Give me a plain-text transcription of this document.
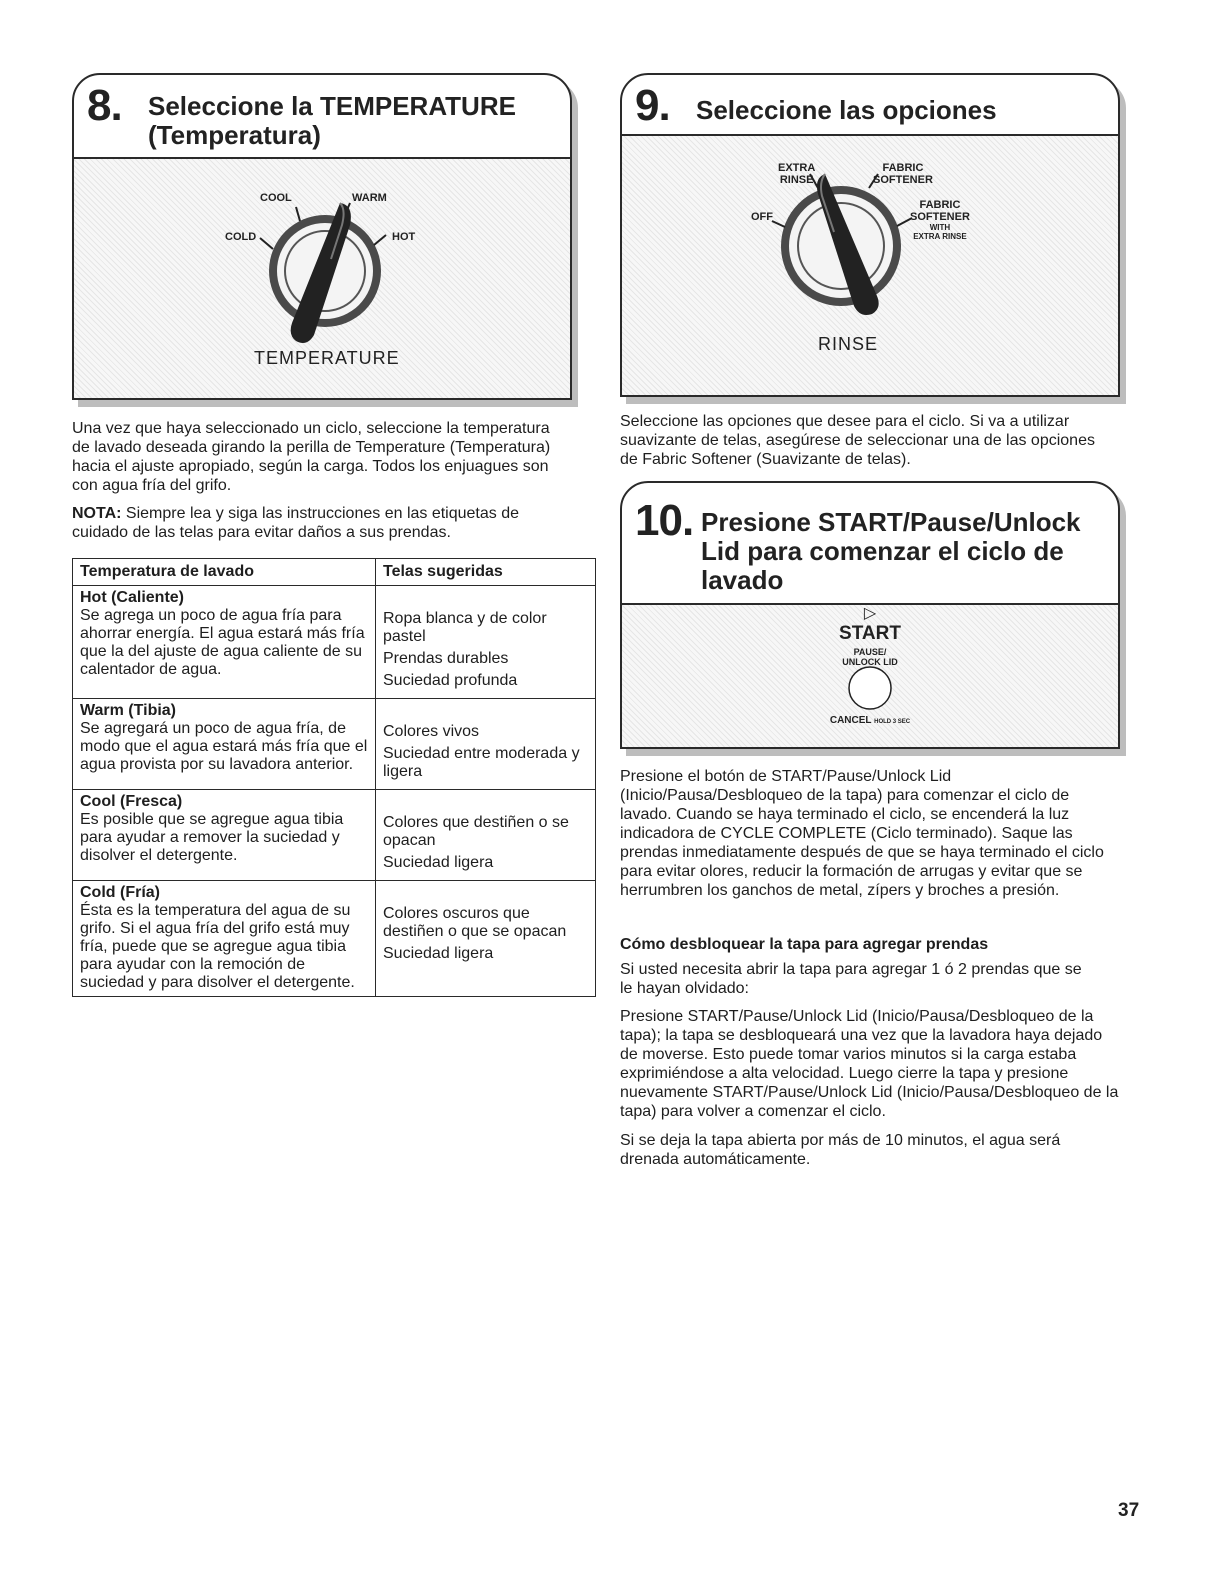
8. Seleccione la TEMPERATURE
(Temperatura)
COOL	WARM
COLD	HOT
TEMPERATURE
Una vez que haya seleccionado un ciclo, seleccione la temperatura de lavado deseada girando la perilla de Temperature (Temperatura) hacia el ajuste apropiado, según la carga. Todos los enjuagues son con agua fría del grifo.
NOTA: Siempre lea y siga las instrucciones en las etiquetas de cuidado de las telas para evitar daños a sus prendas.
Temperatura de lavado	Telas sugeridas

Hot (Caliente)
Se agrega un poco de agua fría para ahorrar energía. El agua estará más fría que la del ajuste de agua caliente de su calentador de agua.	Ropa blanca y de color pastel
Prendas durables
Suciedad profunda

Warm (Tibia)
Se agregará un poco de agua fría, de modo que el agua estará más fría que el agua provista por su lavadora anterior.	Colores vivos
Suciedad entre moderada y ligera

Cool (Fresca)
Es posible que se agregue agua tibia para ayudar a remover la suciedad y disolver el detergente.	Colores que destiñen o se opacan
Suciedad ligera

Cold (Fría)
Ésta es la temperatura del agua de su grifo. Si el agua fría del grifo está muy fría, puede que se agregue agua tibia para ayudar con la remoción de suciedad y para disolver el detergente.	Colores oscuros que destiñen o que se opacan
Suciedad ligera
9. Seleccione las opciones
EXTRA
RINSE
FABRIC
SOFTENER
OFF
FABRIC
SOFTENER
WITH
EXTRA RINSE
RINSE
Seleccione las opciones que desee para el ciclo. Si va a utilizar suavizante de telas, asegúrese de seleccionar una de las opciones de Fabric Softener (Suavizante de telas).
10. Presione START/Pause/Unlock
Lid para comenzar el ciclo de
lavado
▷
START
PAUSE/
UNLOCK LID
CANCEL HOLD 3 SEC
Presione el botón de START/Pause/Unlock Lid (Inicio/Pausa/Desbloqueo de la tapa) para comenzar el ciclo de lavado. Cuando se haya terminado el ciclo, se encenderá la luz indicadora de CYCLE COMPLETE (Ciclo terminado). Saque las prendas inmediatamente después de que se haya terminado el ciclo para evitar olores, reducir la formación de arrugas y evitar que se herrumbren los ganchos de metal, zípers y broches a presión.
Cómo desbloquear la tapa para agregar prendas
Si usted necesita abrir la tapa para agregar 1 ó 2 prendas que se le hayan olvidado:
Presione START/Pause/Unlock Lid (Inicio/Pausa/Desbloqueo de la tapa); la tapa se desbloqueará una vez que la lavadora haya dejado de moverse. Esto puede tomar varios minutos si la carga estaba exprimiéndose a alta velocidad. Luego cierre la tapa y presione nuevamente START/Pause/Unlock Lid (Inicio/Pausa/Desbloqueo de la tapa) para volver a comenzar el ciclo.
Si se deja la tapa abierta por más de 10 minutos, el agua será drenada automáticamente.
37
